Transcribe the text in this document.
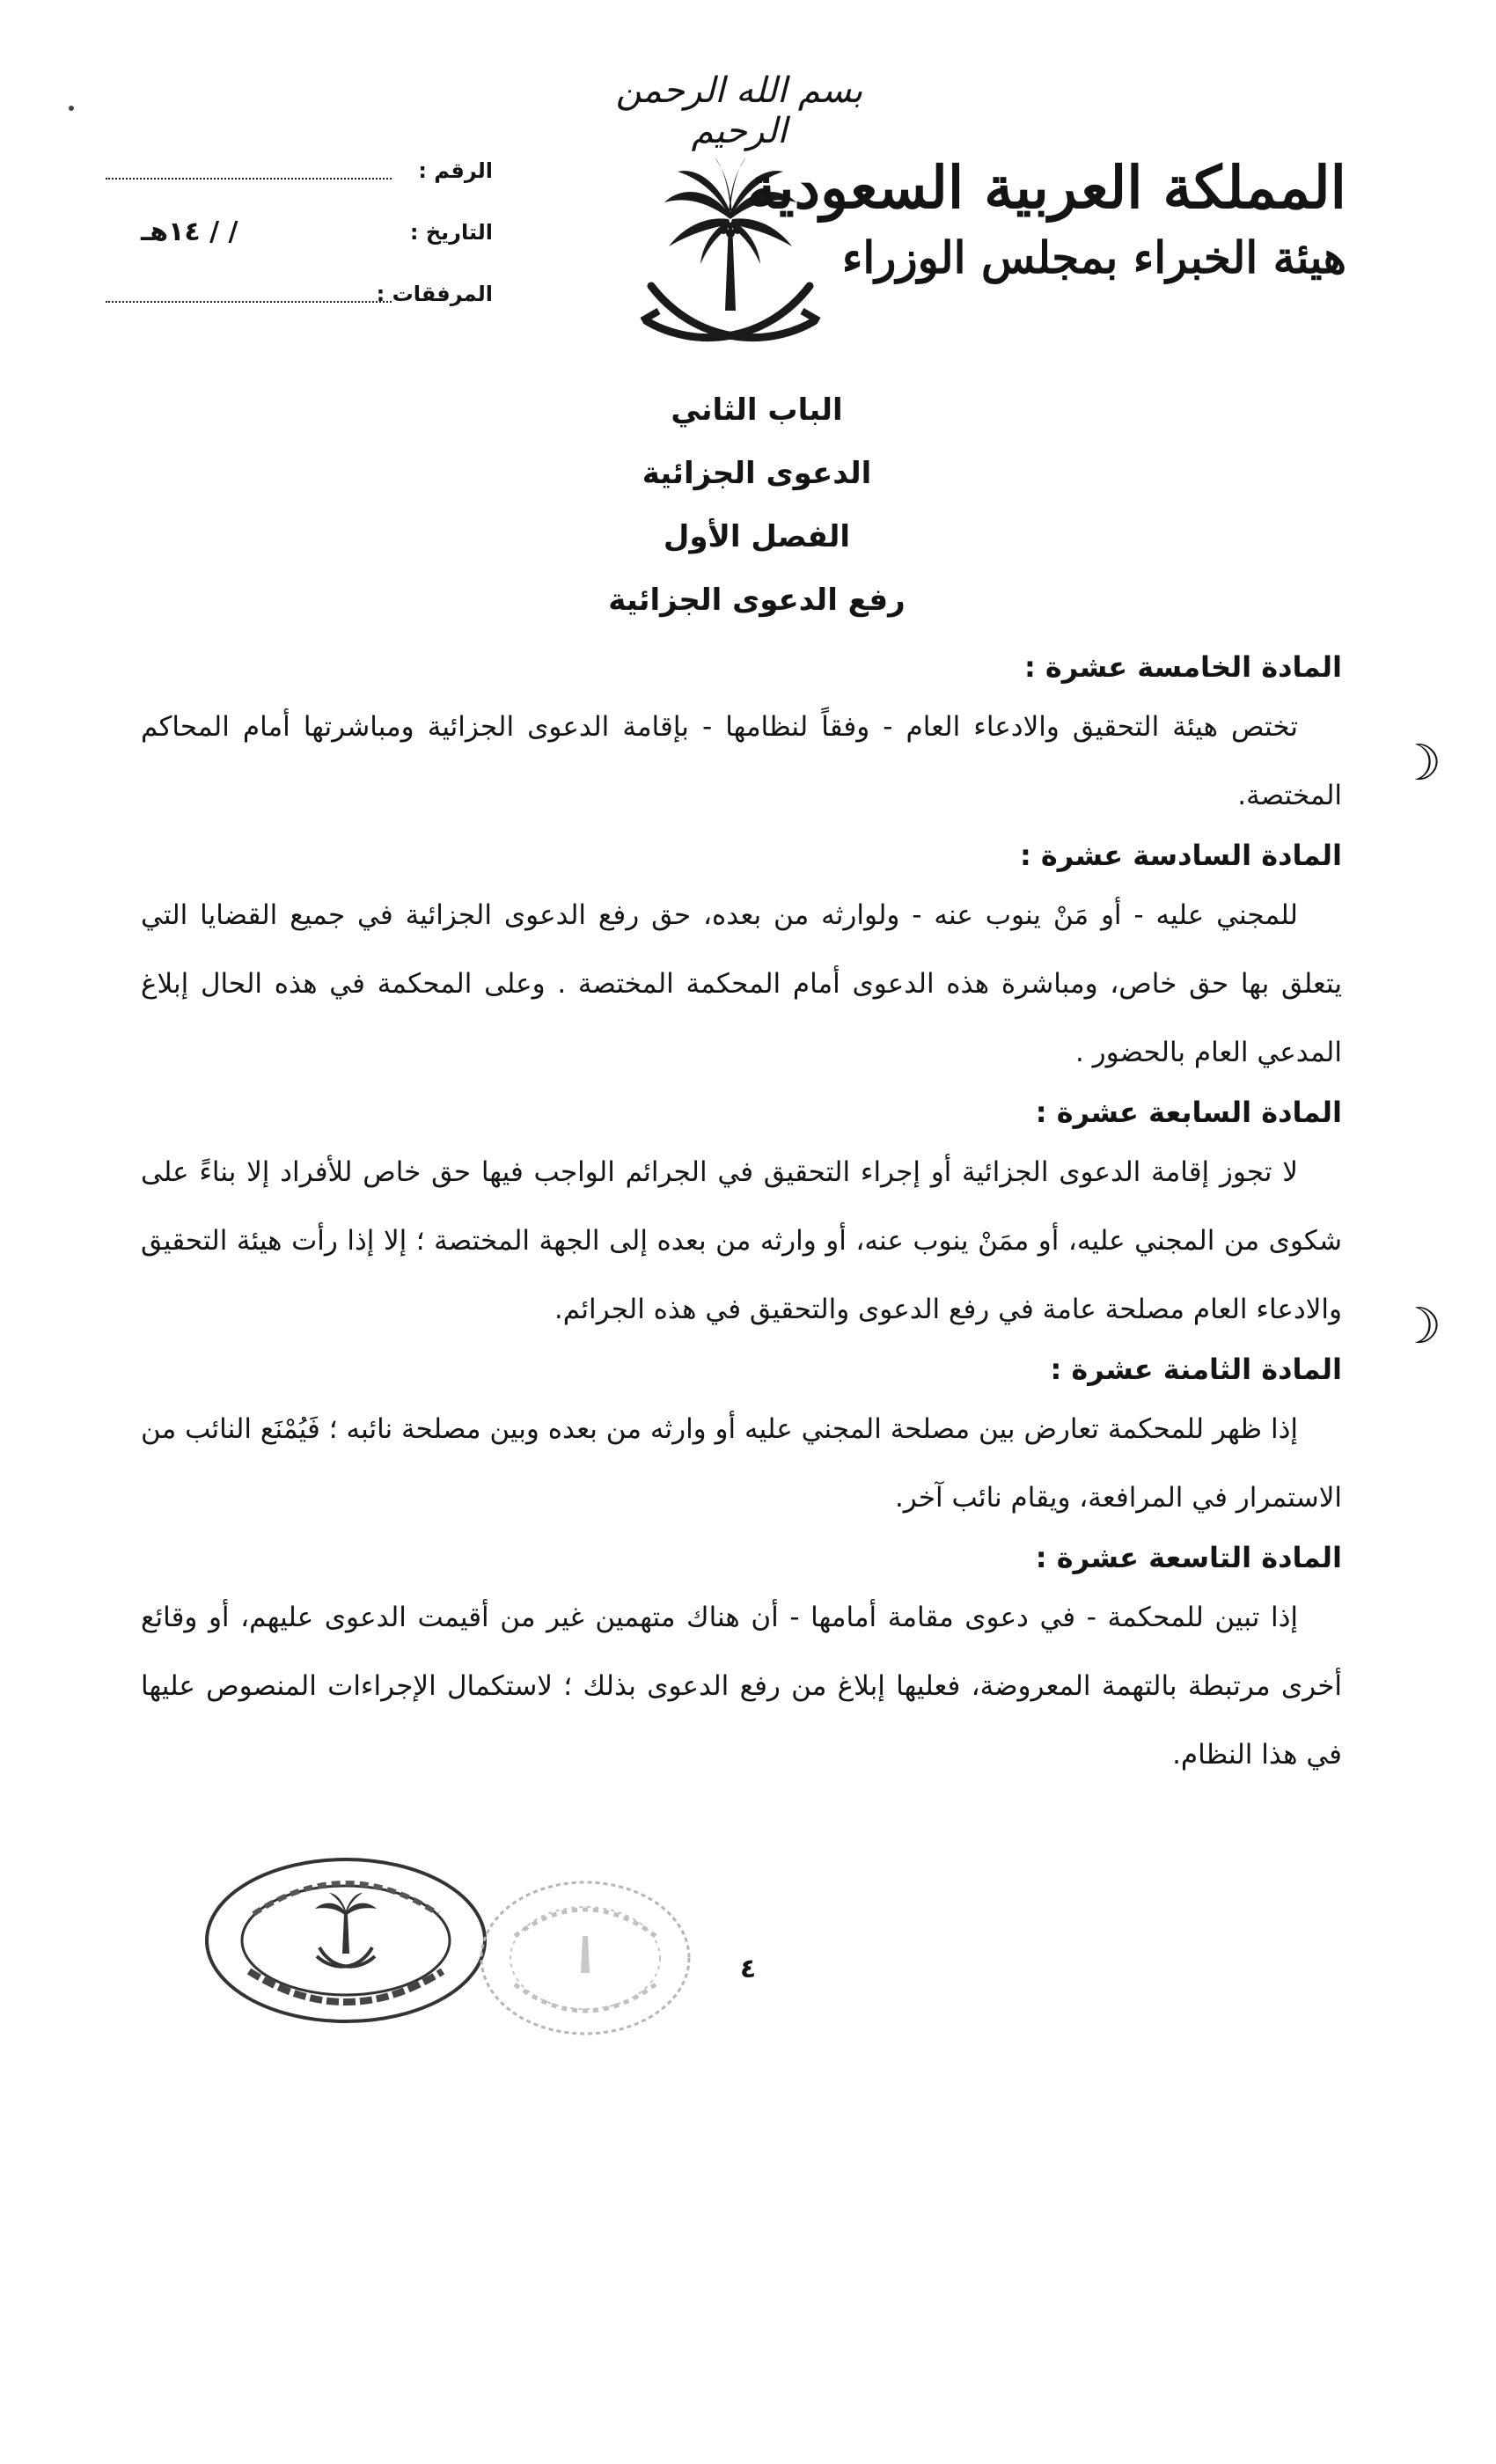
بسم الله الرحمن الرحيم
المملكة العربية السعودية
هيئة الخبراء بمجلس الوزراء
الرقم :
التاريخ :
/ / ١٤هـ
المرفقات :
الباب الثاني
الدعوى الجزائية
الفصل الأول
رفع الدعوى الجزائية
المادة الخامسة عشرة :

تختص هيئة التحقيق والادعاء العام - وفقاً لنظامها - بإقامة الدعوى الجزائية ومباشرتها أمام المحاكم المختصة.

المادة السادسة عشرة :

للمجني عليه - أو مَنْ ينوب عنه - ولوارثه من بعده، حق رفع الدعوى الجزائية في جميع القضايا التي يتعلق بها حق خاص، ومباشرة هذه الدعوى أمام المحكمة المختصة . وعلى المحكمة في هذه الحال إبلاغ المدعي العام بالحضور .

المادة السابعة عشرة :

لا تجوز إقامة الدعوى الجزائية أو إجراء التحقيق في الجرائم الواجب فيها حق خاص للأفراد إلا بناءً على شكوى من المجني عليه، أو ممَنْ ينوب عنه، أو وارثه من بعده إلى الجهة المختصة ؛ إلا إذا رأت هيئة التحقيق والادعاء العام مصلحة عامة في رفع الدعوى والتحقيق في هذه الجرائم.

المادة الثامنة عشرة :

إذا ظهر للمحكمة تعارض بين مصلحة المجني عليه أو وارثه من بعده وبين مصلحة نائبه ؛ فَيُمْنَع النائب من الاستمرار في المرافعة، ويقام نائب آخر.

المادة التاسعة عشرة :

إذا تبين للمحكمة - في دعوى مقامة أمامها - أن هناك متهمين غير من أقيمت الدعوى عليهم، أو وقائع أخرى مرتبطة بالتهمة المعروضة، فعليها إبلاغ من رفع الدعوى بذلك ؛ لاستكمال الإجراءات المنصوص عليها في هذا النظام.

☽
☽
٤
